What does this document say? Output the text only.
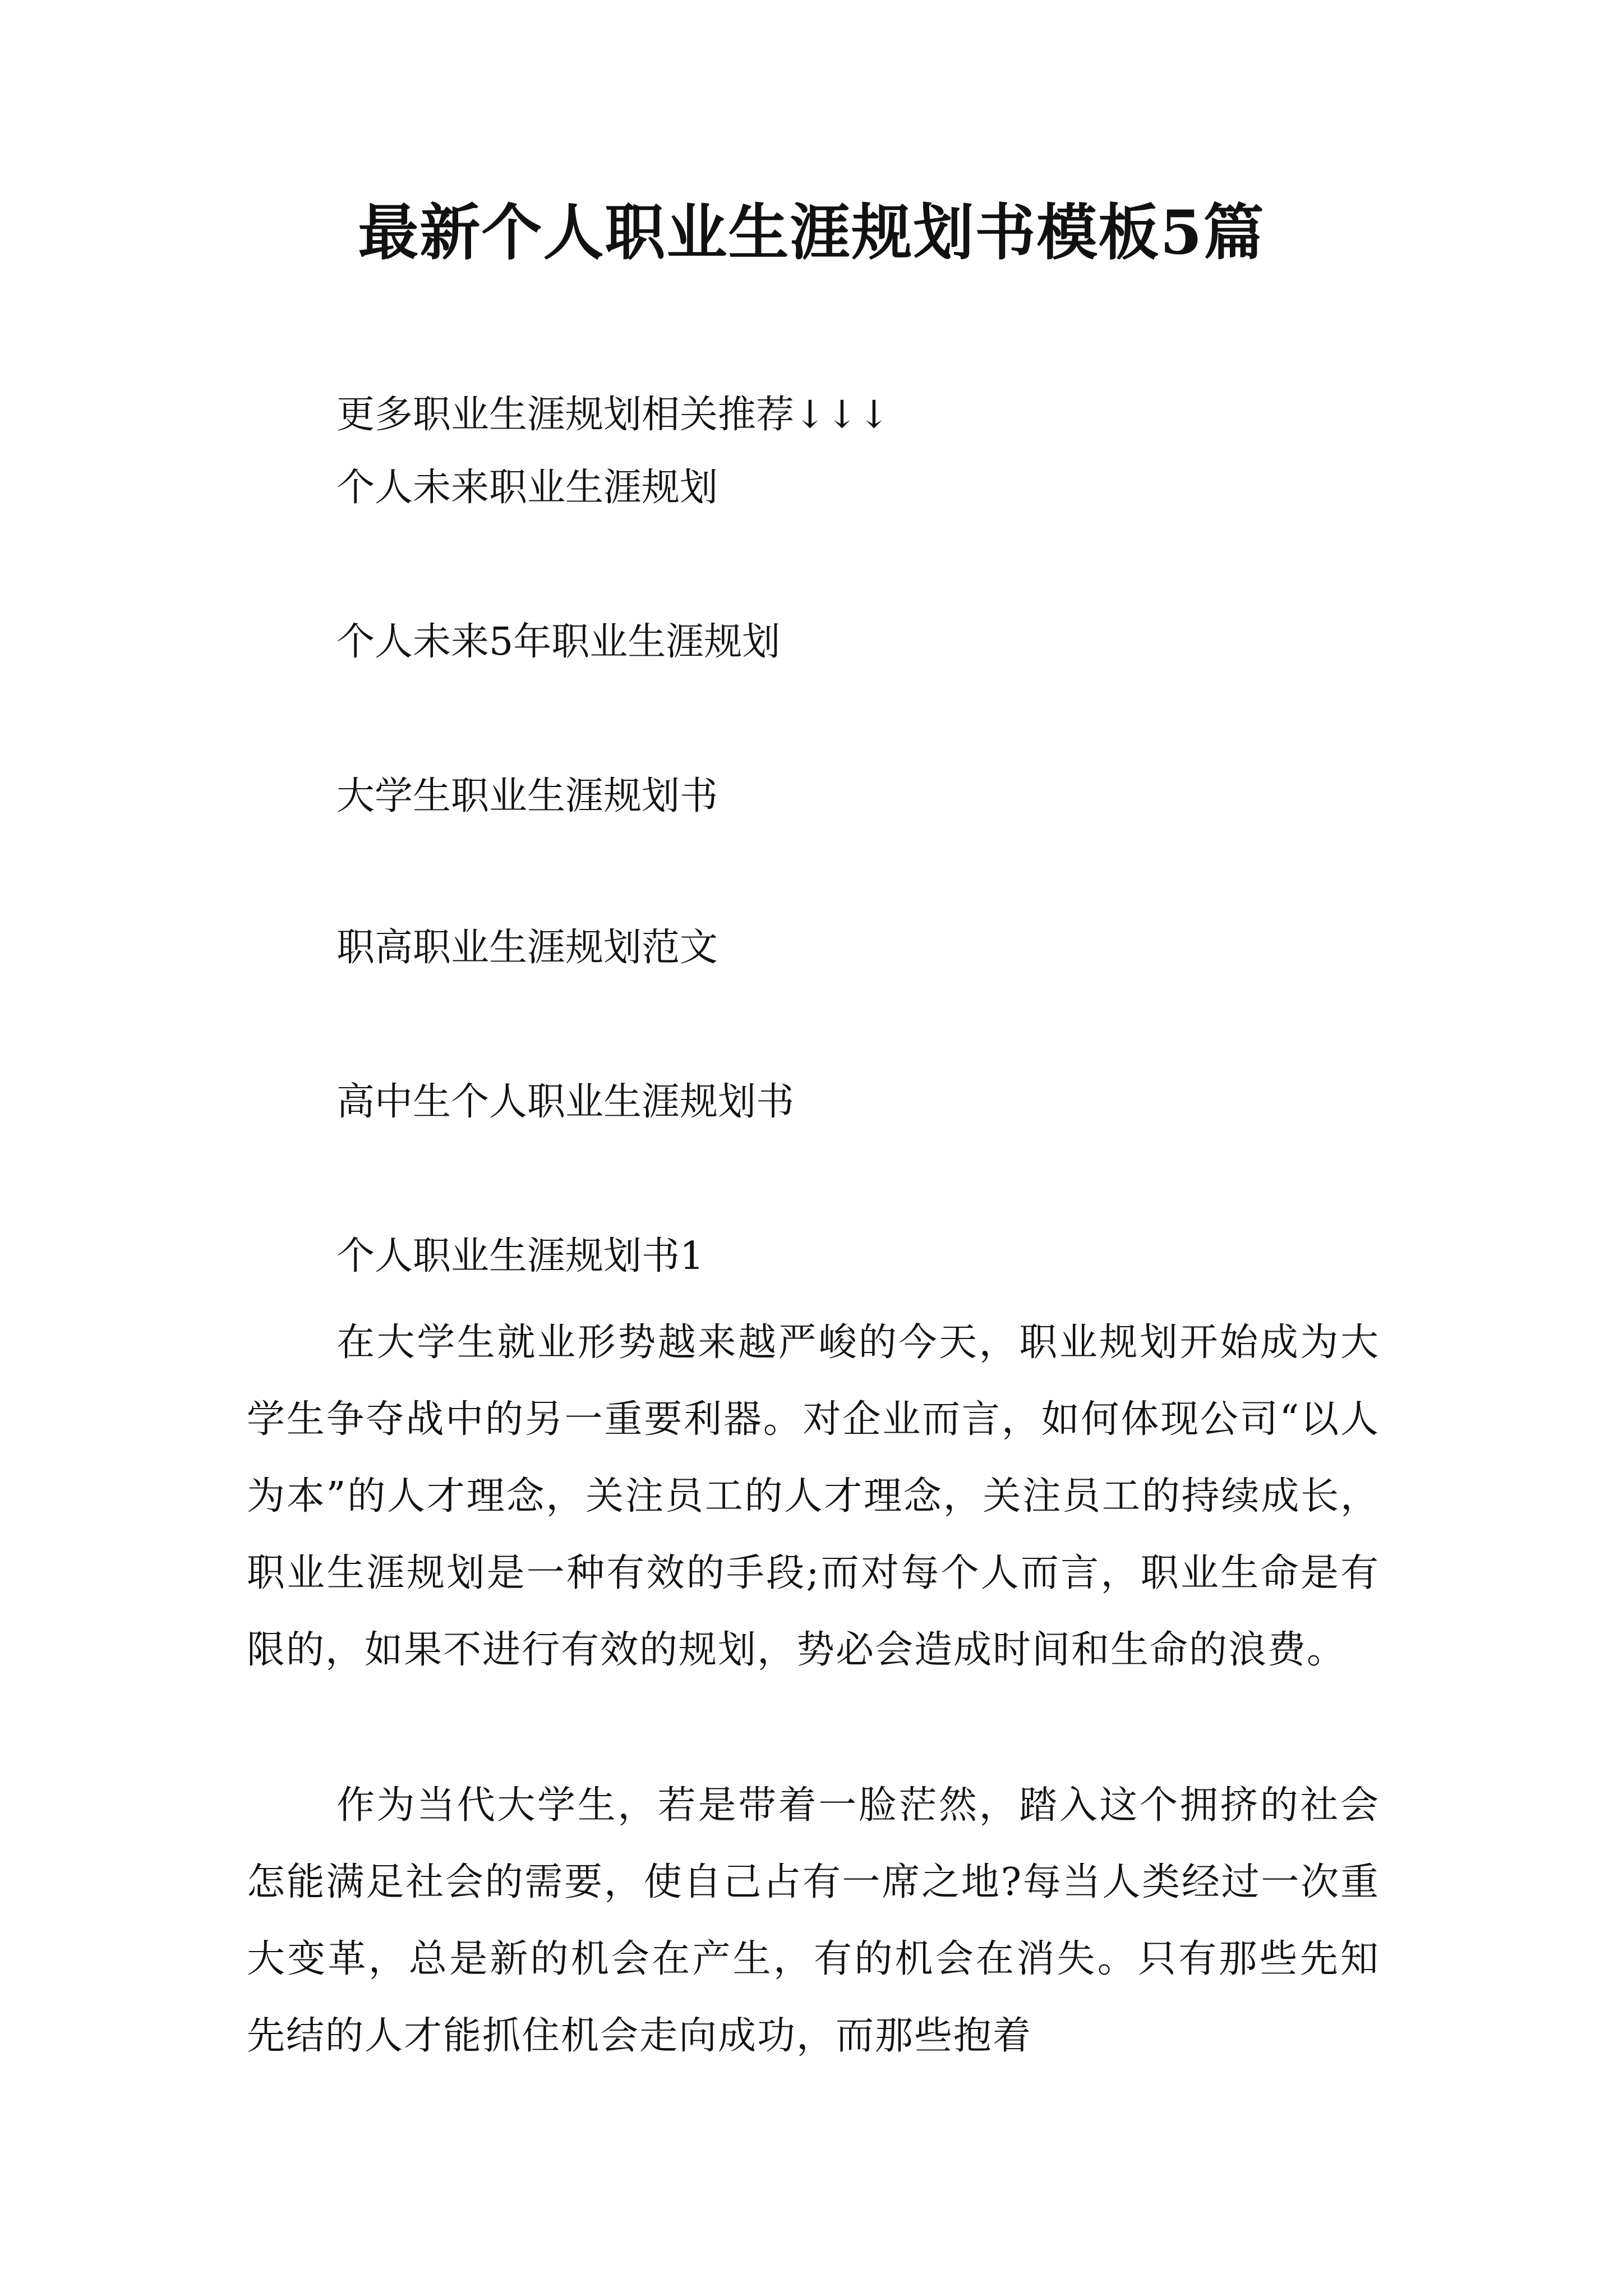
最新个人职业生涯规划书模板5篇

更多职业生涯规划相关推荐↓↓↓

个人未来职业生涯规划
个人未来5年职业生涯规划
大学生职业生涯规划书
职高职业生涯规划范文
高中生个人职业生涯规划书

个人职业生涯规划书1

在大学生就业形势越来越严峻的今天，职业规划开始成为大学生争夺战中的另一重要利器。对企业而言，如何体现公司“以人为本”的人才理念，关注员工的人才理念，关注员工的持续成长，职业生涯规划是一种有效的手段;而对每个人而言，职业生命是有限的，如果不进行有效的规划，势必会造成时间和生命的浪费。

作为当代大学生，若是带着一脸茫然，踏入这个拥挤的社会怎能满足社会的需要，使自己占有一席之地?每当人类经过一次重大变革，总是新的机会在产生，有的机会在消失。只有那些先知先结的人才能抓住机会走向成功，而那些抱着
